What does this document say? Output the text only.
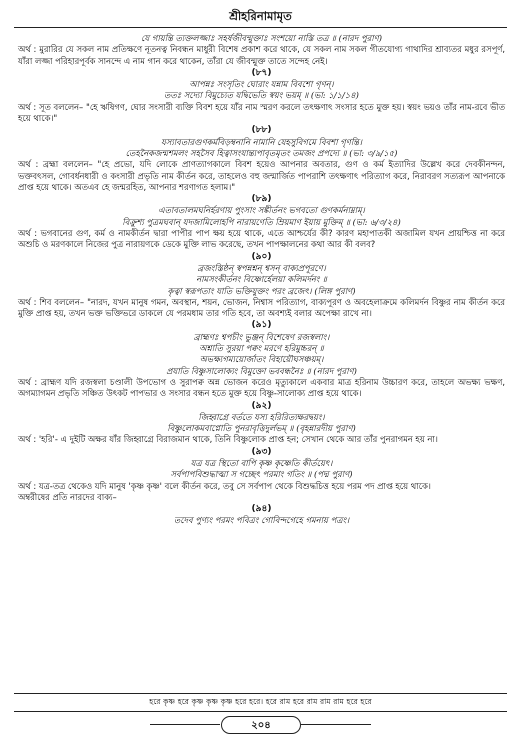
শ্রীহরিনামামৃত
যে গায়ন্তি ত্যক্তলজ্জাঃ সহর্ষজীবন্মুক্তাঃ সংশয়ো নাস্তি তত্র ॥ (নারদ পুরাণ)
অর্থ : মুরারির যে সকল নাম প্রতিক্ষণে নূতনত্ব নিবন্ধন মাধুরী বিশেষ প্রকাশ করে থাকে, যে সকল নাম সকল গীতযোগ্য গাথাদির শ্রাব্যতর মধুর রসপূর্ণ, যাঁরা লজ্জা পরিহারপূর্বক সানন্দে এ নাম গান করে থাকেন, তাঁরা যে জীবন্মুক্ত তাতে সন্দেহ নেই।
(৮৭)
আপন্নঃ সংসৃতিং ঘোরাং যন্নাম বিবশো গৃণন্।
ততঃ সদ্যো বিমুচ্যেত যদ্বিভেতি স্বয়ং ভয়ম্ ॥ (ভা: ১/১/১৪)
অর্থ : সূত বললেন– "হে ঋষিগণ, ঘোর সংসারী ব্যক্তি বিবশ হয়ে যাঁর নাম স্মরণ করলে তৎক্ষণাৎ সংসার হতে মুক্ত হয়। স্বয়ং ভয়ও তাঁর নাম-রবে ভীত হয়ে থাকে।"
(৮৮)
যস্যাবতারগুণকর্মবিড়ম্বনানি নামানি যেহসুবিগমে বিবশা গৃণন্তি।
তেহনৈকজন্মশমলং সহসৈব হিত্বাসংযান্ত্যপাবৃতমৃতং তমজং প্রপদ্যে ॥ (ভা: ৩/৯/১৫)
অর্থ : ব্রহ্মা বললেন– "হে প্রভো, যদি লোকে প্রাণত্যাগকালে বিবশ হয়েও আপনার অবতার, গুণ ও কর্ম ইত্যাদির উল্লেখ করে দেবকীনন্দন, ভক্তবৎসল, গোবর্ধনধারী ও কংসারী প্রভৃতি নাম কীর্তন করে, তাহলেও বহু জন্মার্জিত পাপরাশি তৎক্ষণাৎ পরিত্যাগ করে, নিরাবরণ সত্যরূপ আপনাকে প্রাপ্ত হয়ে থাকে। অতএব হে জন্মরহিত, আপনার শরণাগত হলাম।"
(৮৯)
এতাবতালমঘনির্হরণায় পুংসাং সঙ্কীর্তনং ভগবতো গুণকর্মনাম্নাম্।
বিক্রুশ্য পুত্রমঘবান্ যদজামিলোহপি নারায়ণেতি ম্রিয়মাণ ইয়ায় মুক্তিম্ ॥ (ভা: ৬/৩/২৪)
অর্থ : ভগবানের গুণ, কর্ম ও নামকীর্তন দ্বারা পাপীর পাপ ক্ষয় হয়ে থাকে, এতে আশ্চর্যের কী? কারণ মহাপাতকী অজামিল যখন প্রায়শ্চিত্ত না করে অশুচি ও মরণকালে নিজের পুত্র নারায়ণকে ডেকে মুক্তি লাভ করেছে, তখন পাপক্ষালনের কথা আর কী বলব?
(৯০)
ব্রজংস্তিষ্ঠন্ স্বপন্নশ্নন্ শ্বসন্ বাক্যপ্রপূরণে।
নামসংকীর্তনং বিষ্ণোর্হেলয়া কলিমর্দনং ॥
কৃত্বা স্বরূপতাং যাতি ভক্তিযুক্তং পরং ব্রজেৎ। (লিঙ্গ পুরাণ)
অর্থ : শিব বললেন– "নারদ, যখন মানুষ গমন, অবস্থান, শয়ন, ভোজন, নিশ্বাস পরিত্যাগ, বাক্যপূরণ ও অবহেলাক্রমে কলিমর্দন বিষ্ণুর নাম কীর্তন করে মুক্তি প্রাপ্ত হয়, তখন ভক্ত ভক্তিভরে ডাকলে যে পরমধাম তার গতি হবে, তা অবশ্যই বলার অপেক্ষা রাখে না।
(৯১)
ব্রাহ্মণঃ শ্বপচীং ভুঞ্জন্ বিশেষেণ রজস্বলাং।
অশ্নাতি সুরয়া পক্বং মরণে হরিমুচ্চরন্ ॥
অভক্ষ্যগম্যয়োর্জাতং বিহায়ৌঘসঞ্চয়ম্।
প্রযাতি বিষ্ণুসালোক্যং বিমুক্তো ভববন্ধনৈঃ ॥ (নারদ পুরাণ)
অর্থ : ব্রাহ্মণ যদি রজস্বলা চণ্ডালী উপভোগ ও সুরাপক্ব অন্ন ভোজন করেও মৃত্যুকালে একবার মাত্র হরিনাম উচ্চারণ করে, তাহলে অভক্ষ্য ভক্ষণ, অগম্যাগমন প্রভৃতি সঞ্চিত উৎকট পাপভার ও সংসার বন্ধন হতে মুক্ত হয়ে বিষ্ণু-সালোক্য প্রাপ্ত হয়ে থাকে।
(৯২)
জিহ্বাগ্রে বর্ততে যস্য হরিরিত্যক্ষরদ্বয়ং।
বিষ্ণুলোকমবাপ্নোতি পুনরাবৃত্তিদুর্লভম্ ॥ (বৃহন্নারদীয় পুরাণ)
অর্থ : 'হরি'- এ দুইটি অক্ষর যাঁর জিহ্বাগ্রে বিরাজমান থাকে, তিনি বিষ্ণুলোক প্রাপ্ত হন; সেখান থেকে আর তাঁর পুনরাগমন হয় না।
(৯৩)
যত্র যত্র স্থিতো বাপি কৃষ্ণ কৃষ্ণেতি কীর্তয়েৎ।
সর্বপাপবিশুদ্ধাত্মা স গচ্ছেৎ পরমাং গতিং ॥ (পদ্ম পুরাণ)
অর্থ : যত্র-তত্র থেকেও যদি মানুষ 'কৃষ্ণ কৃষ্ণ' বলে কীর্তন করে, তবু সে সর্বপাপ থেকে বিশুদ্ধচিত্ত হয়ে পরম পদ প্রাপ্ত হয়ে থাকে।
অম্বরীষের প্রতি নারদের বাক্য–
(৯৪)
তদেব পুণ্যং পরমং পবিত্রং গোবিন্দগেহে গমনায় পত্রং।
হরে কৃষ্ণ হরে কৃষ্ণ কৃষ্ণ কৃষ্ণ হরে হরে। হরে রাম হরে রাম রাম রাম হরে হরে
২০৪
